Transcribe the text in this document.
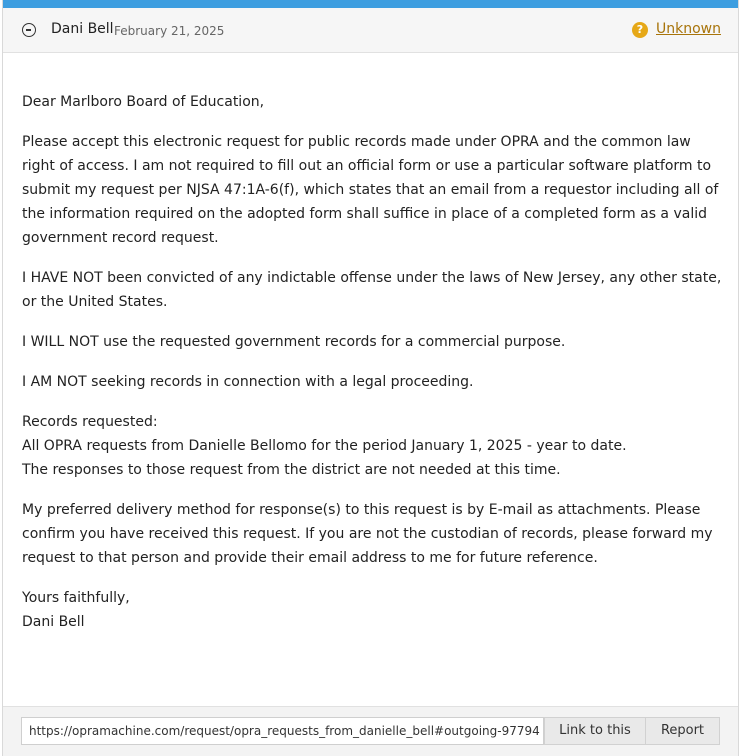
Dani Bell February 21, 2025	? Unknown

Dear Marlboro Board of Education,

Please accept this electronic request for public records made under OPRA and the common law right of access. I am not required to fill out an official form or use a particular software platform to submit my request per NJSA 47:1A-6(f), which states that an email from a requestor including all of the information required on the adopted form shall suffice in place of a completed form as a valid government record request.

I HAVE NOT been convicted of any indictable offense under the laws of New Jersey, any other state, or the United States.

I WILL NOT use the requested government records for a commercial purpose.

I AM NOT seeking records in connection with a legal proceeding.

Records requested:
All OPRA requests from Danielle Bellomo for the period January 1, 2025 - year to date.
The responses to those request from the district are not needed at this time.

My preferred delivery method for response(s) to this request is by E-mail as attachments. Please confirm you have received this request. If you are not the custodian of records, please forward my request to that person and provide their email address to me for future reference.

Yours faithfully,
Dani Bell

https://opramachine.com/request/opra_requests_from_danielle_bell#outgoing-97794	Link to this	Report
